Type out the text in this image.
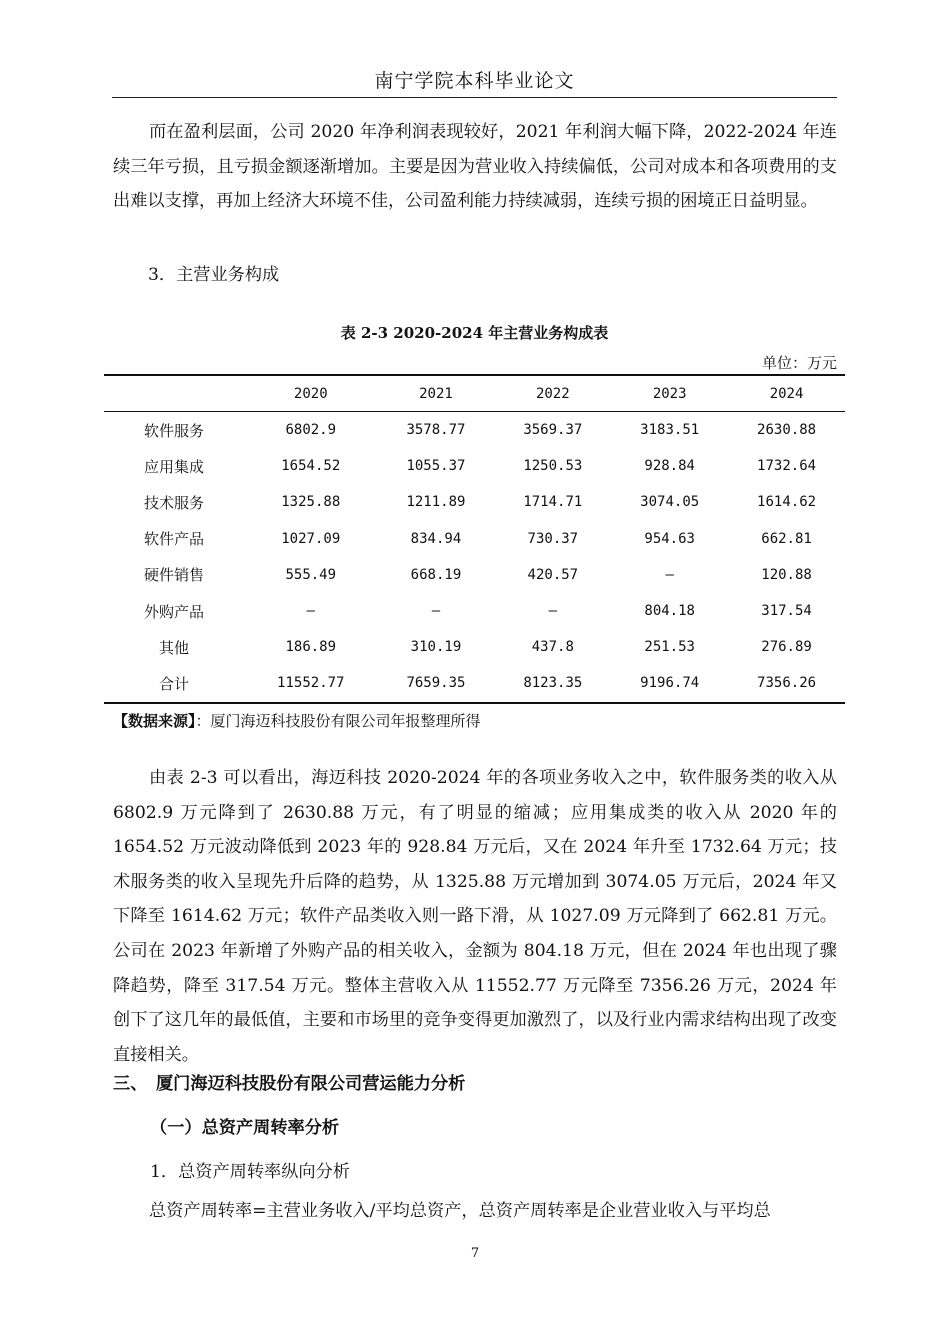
南宁学院本科毕业论文

而在盈利层面，公司 2020 年净利润表现较好，2021 年利润大幅下降，2022-2024 年连续三年亏损，且亏损金额逐渐增加。主要是因为营业收入持续偏低，公司对成本和各项费用的支出难以支撑，再加上经济大环境不佳，公司盈利能力持续减弱，连续亏损的困境正日益明显。

3．主营业务构成
表 2-3 2020-2024 年主营业务构成表
单位：万元
	2020	2021	2022	2023	2024
软件服务	6802.9	3578.77	3569.37	3183.51	2630.88
应用集成	1654.52	1055.37	1250.53	928.84	1732.64
技术服务	1325.88	1211.89	1714.71	3074.05	1614.62
软件产品	1027.09	834.94	730.37	954.63	662.81
硬件销售	555.49	668.19	420.57	–	120.88
外购产品	–	–	–	804.18	317.54
其他	186.89	310.19	437.8	251.53	276.89
合计	11552.77	7659.35	8123.35	9196.74	7356.26
【数据来源】：厦门海迈科技股份有限公司年报整理所得

由表 2-3 可以看出，海迈科技 2020-2024 年的各项业务收入之中，软件服务类的收入从 6802.9 万元降到了 2630.88 万元，有了明显的缩减；应用集成类的收入从 2020 年的 1654.52 万元波动降低到 2023 年的 928.84 万元后，又在 2024 年升至 1732.64 万元；技术服务类的收入呈现先升后降的趋势，从 1325.88 万元增加到 3074.05 万元后，2024 年又下降至 1614.62 万元；软件产品类收入则一路下滑，从 1027.09 万元降到了 662.81 万元。公司在 2023 年新增了外购产品的相关收入，金额为 804.18 万元，但在 2024 年也出现了骤降趋势，降至 317.54 万元。整体主营收入从 11552.77 万元降至 7356.26 万元，2024 年创下了这几年的最低值，主要和市场里的竞争变得更加激烈了，以及行业内需求结构出现了改变直接相关。

三、　厦门海迈科技股份有限公司营运能力分析
（一）总资产周转率分析
1．总资产周转率纵向分析

总资产周转率=主营业务收入/平均总资产，总资产周转率是企业营业收入与平均总

7
